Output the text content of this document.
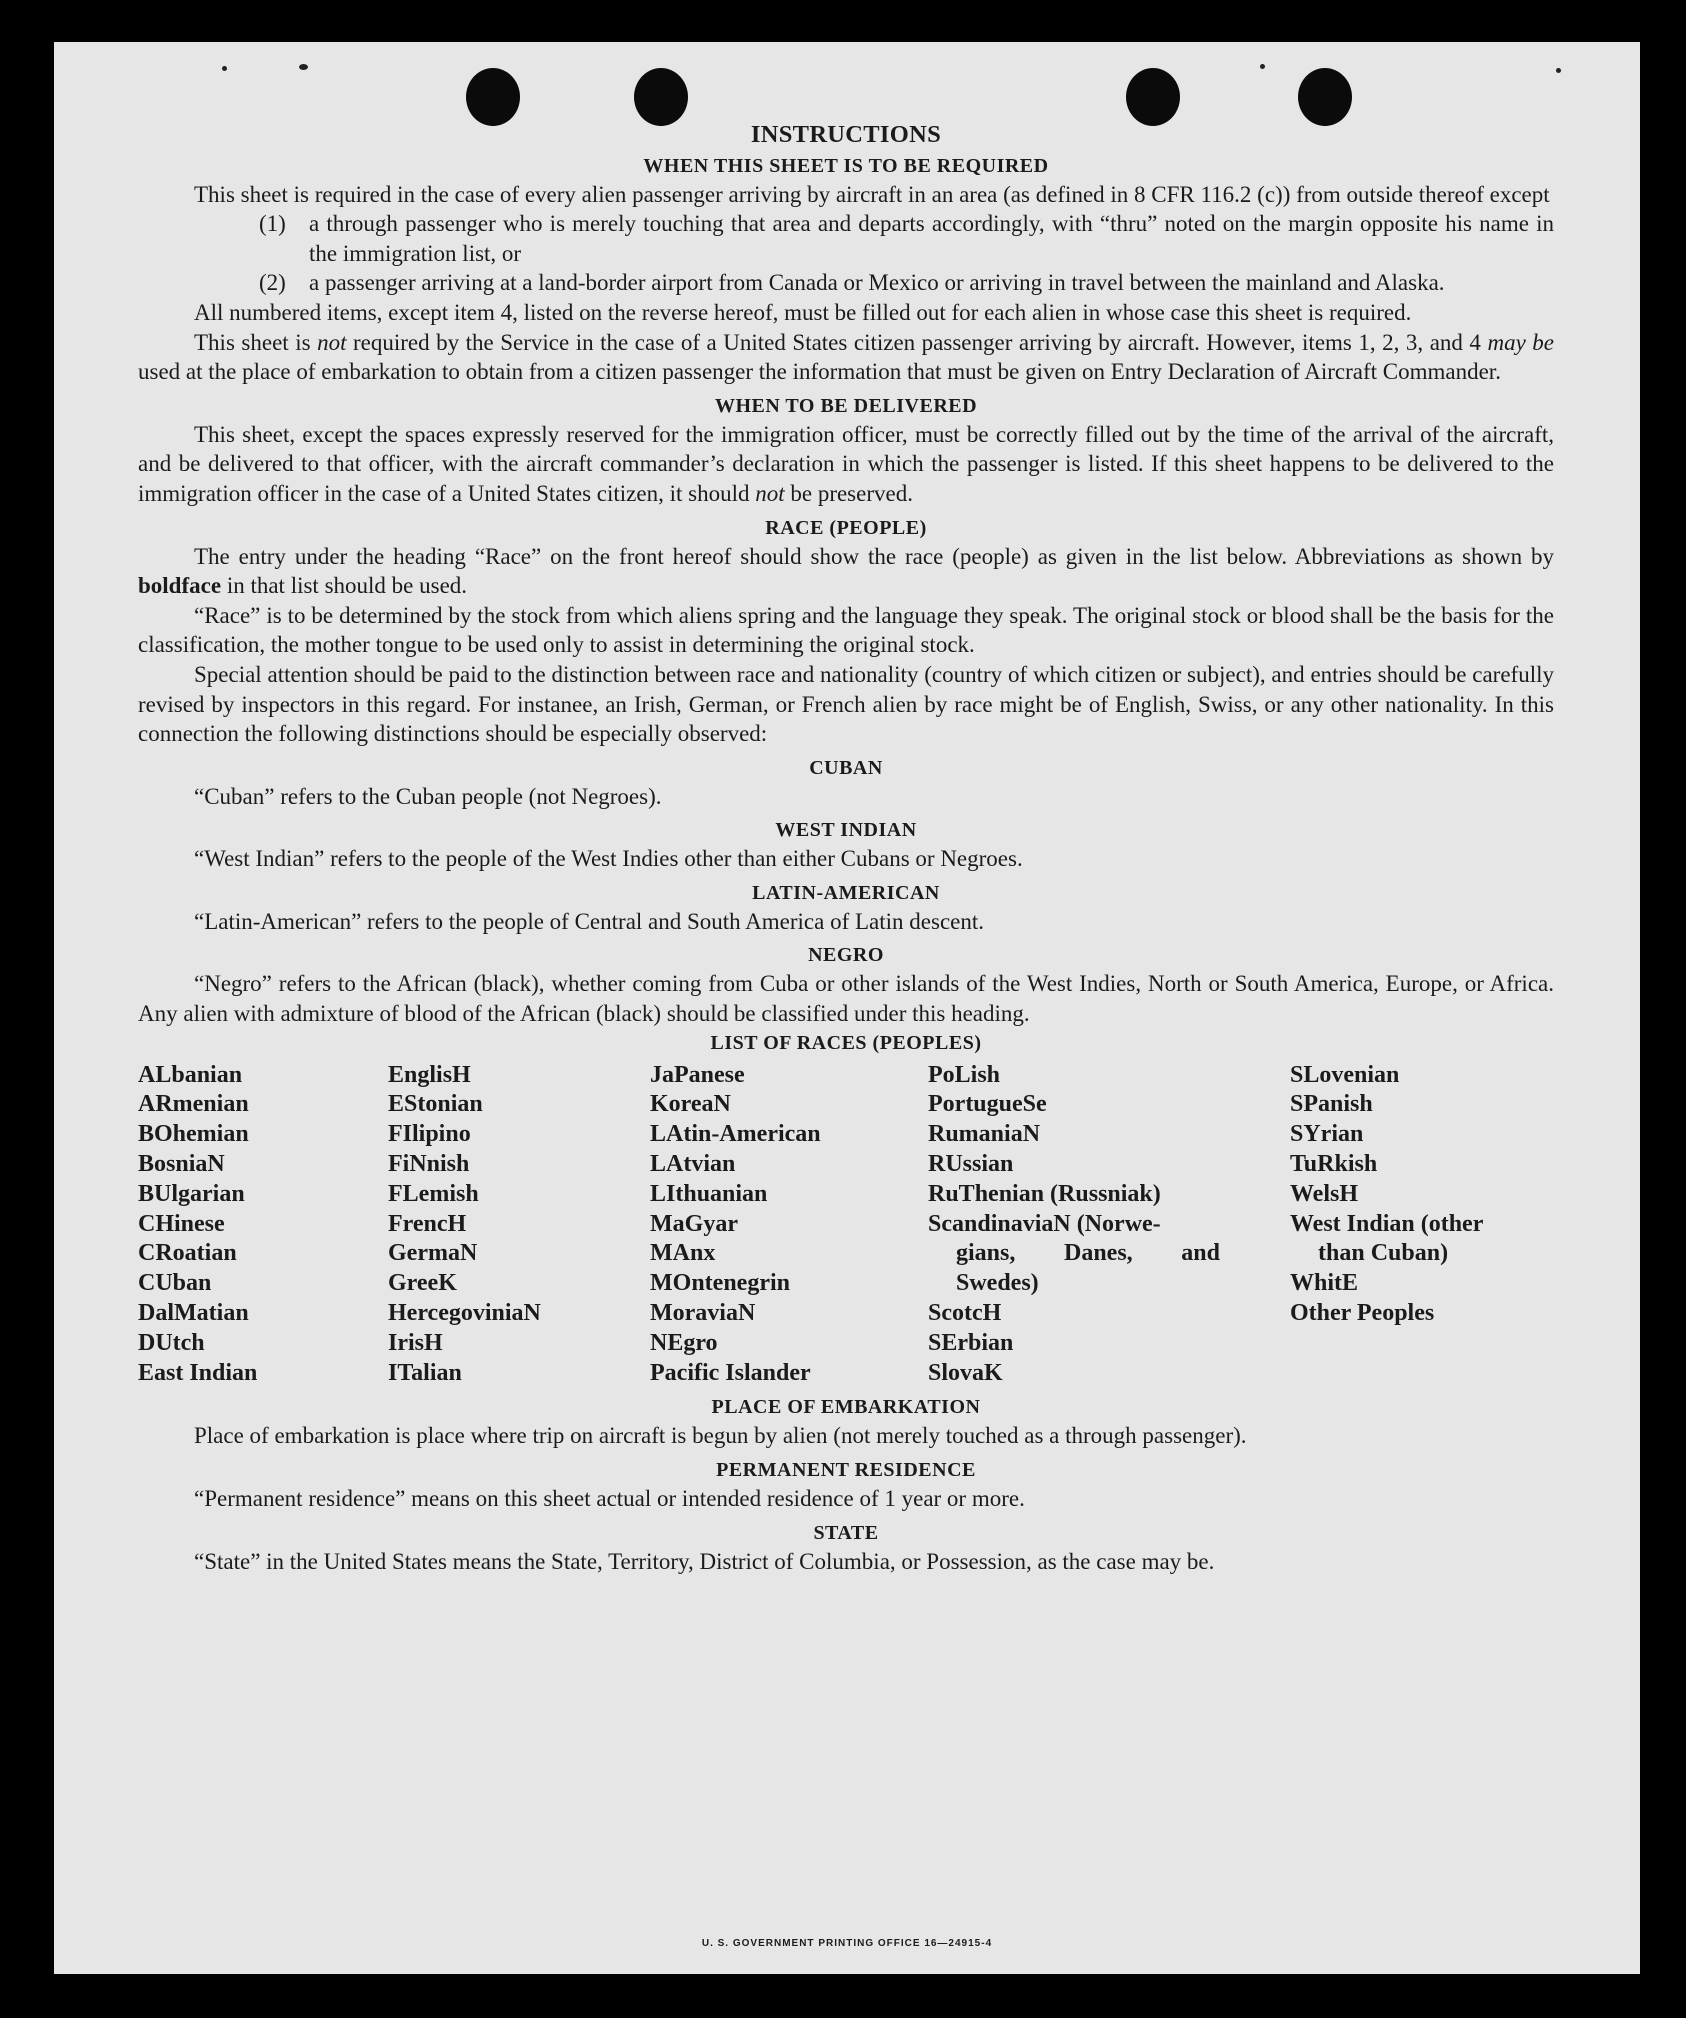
INSTRUCTIONS
WHEN THIS SHEET IS TO BE REQUIRED

This sheet is required in the case of every alien passenger arriving by aircraft in an area (as defined in 8 CFR 116.2 (c)) from outside thereof except

(1) a through passenger who is merely touching that area and departs accordingly, with “thru” noted on the margin opposite his name in the immigration list, or

(2) a passenger arriving at a land-border airport from Canada or Mexico or arriving in travel between the mainland and Alaska.

All numbered items, except item 4, listed on the reverse hereof, must be filled out for each alien in whose case this sheet is required.

This sheet is not required by the Service in the case of a United States citizen passenger arriving by aircraft. However, items 1, 2, 3, and 4 may be used at the place of embarkation to obtain from a citizen passenger the information that must be given on Entry Declaration of Aircraft Commander.

WHEN TO BE DELIVERED

This sheet, except the spaces expressly reserved for the immigration officer, must be correctly filled out by the time of the arrival of the aircraft, and be delivered to that officer, with the aircraft commander’s declaration in which the passenger is listed. If this sheet happens to be delivered to the immigration officer in the case of a United States citizen, it should not be preserved.

RACE (PEOPLE)

The entry under the heading “Race” on the front hereof should show the race (people) as given in the list below. Abbreviations as shown by boldface in that list should be used.

“Race” is to be determined by the stock from which aliens spring and the language they speak. The original stock or blood shall be the basis for the classification, the mother tongue to be used only to assist in determining the original stock.

Special attention should be paid to the distinction between race and nationality (country of which citizen or subject), and entries should be carefully revised by inspectors in this regard. For instanee, an Irish, German, or French alien by race might be of English, Swiss, or any other nationality. In this connection the following distinctions should be especially observed:

CUBAN

“Cuban” refers to the Cuban people (not Negroes).

WEST INDIAN

“West Indian” refers to the people of the West Indies other than either Cubans or Negroes.

LATIN-AMERICAN

“Latin-American” refers to the people of Central and South America of Latin descent.

NEGRO

“Negro” refers to the African (black), whether coming from Cuba or other islands of the West Indies, North or South America, Europe, or Africa. Any alien with admixture of blood of the African (black) should be classified under this heading.

LIST OF RACES (PEOPLES)
ALbanian
ARmenian
BOhemian
BosniaN
BUlgarian
CHinese
CRoatian
CUban
DalMatian
DUtch
East Indian
EnglisH
EStonian
FIlipino
FiNnish
FLemish
FrencH
GermaN
GreeK
HercegoviniaN
IrisH
ITalian
JaPanese
KoreaN
LAtin-American
LAtvian
LIthuanian
MaGyar
MAnx
MOntenegrin
MoraviaN
NEgro
Pacific Islander
PoLish
PortugueSe
RumaniaN
RUssian
RuThenian (Russniak)
ScandinaviaN (Norwe-
gians, Danes, and Swedes)
ScotcH
SErbian
SlovaK
SLovenian
SPanish
SYrian
TuRkish
WelsH
West Indian (other
than Cuban)
WhitE
Other Peoples
PLACE OF EMBARKATION

Place of embarkation is place where trip on aircraft is begun by alien (not merely touched as a through passenger).

PERMANENT RESIDENCE

“Permanent residence” means on this sheet actual or intended residence of 1 year or more.

STATE

“State” in the United States means the State, Territory, District of Columbia, or Possession, as the case may be.

U. S. GOVERNMENT PRINTING OFFICE 16—24915-4
